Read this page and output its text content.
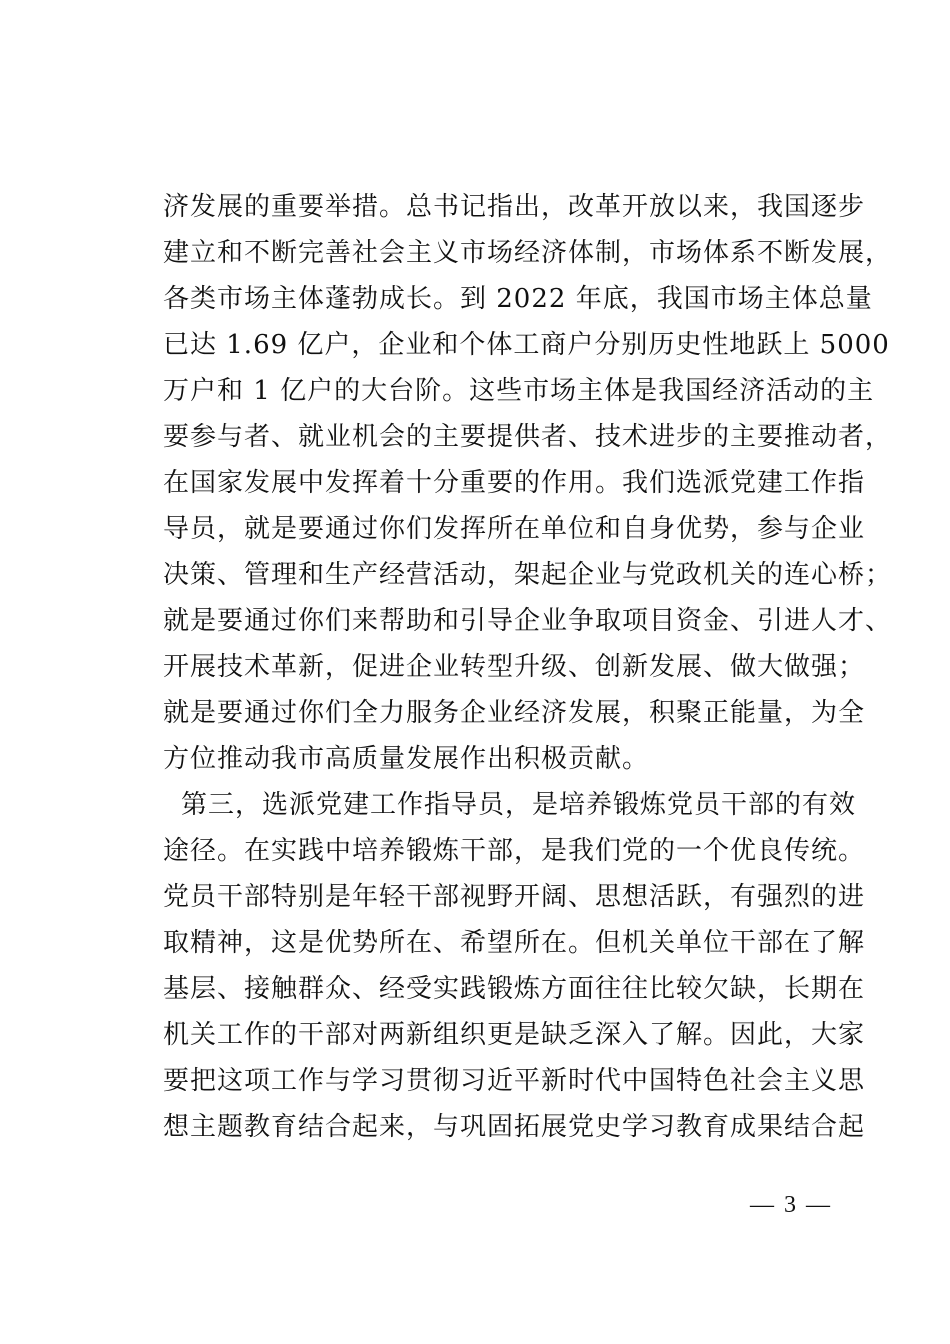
济发展的重要举措。总书记指出，改革开放以来，我国逐步
建立和不断完善社会主义市场经济体制，市场体系不断发展，
各类市场主体蓬勃成长。到 2022 年底，我国市场主体总量
已达 1.69 亿户，企业和个体工商户分别历史性地跃上 5000
万户和 1 亿户的大台阶。这些市场主体是我国经济活动的主
要参与者、就业机会的主要提供者、技术进步的主要推动者，
在国家发展中发挥着十分重要的作用。我们选派党建工作指
导员，就是要通过你们发挥所在单位和自身优势，参与企业
决策、管理和生产经营活动，架起企业与党政机关的连心桥；
就是要通过你们来帮助和引导企业争取项目资金、引进人才、
开展技术革新，促进企业转型升级、创新发展、做大做强；
就是要通过你们全力服务企业经济发展，积聚正能量，为全
方位推动我市高质量发展作出积极贡献。
第三，选派党建工作指导员，是培养锻炼党员干部的有效
途径。在实践中培养锻炼干部，是我们党的一个优良传统。
党员干部特别是年轻干部视野开阔、思想活跃，有强烈的进
取精神，这是优势所在、希望所在。但机关单位干部在了解
基层、接触群众、经受实践锻炼方面往往比较欠缺，长期在
机关工作的干部对两新组织更是缺乏深入了解。因此，大家
要把这项工作与学习贯彻习近平新时代中国特色社会主义思
想主题教育结合起来，与巩固拓展党史学习教育成果结合起
— 3 —
